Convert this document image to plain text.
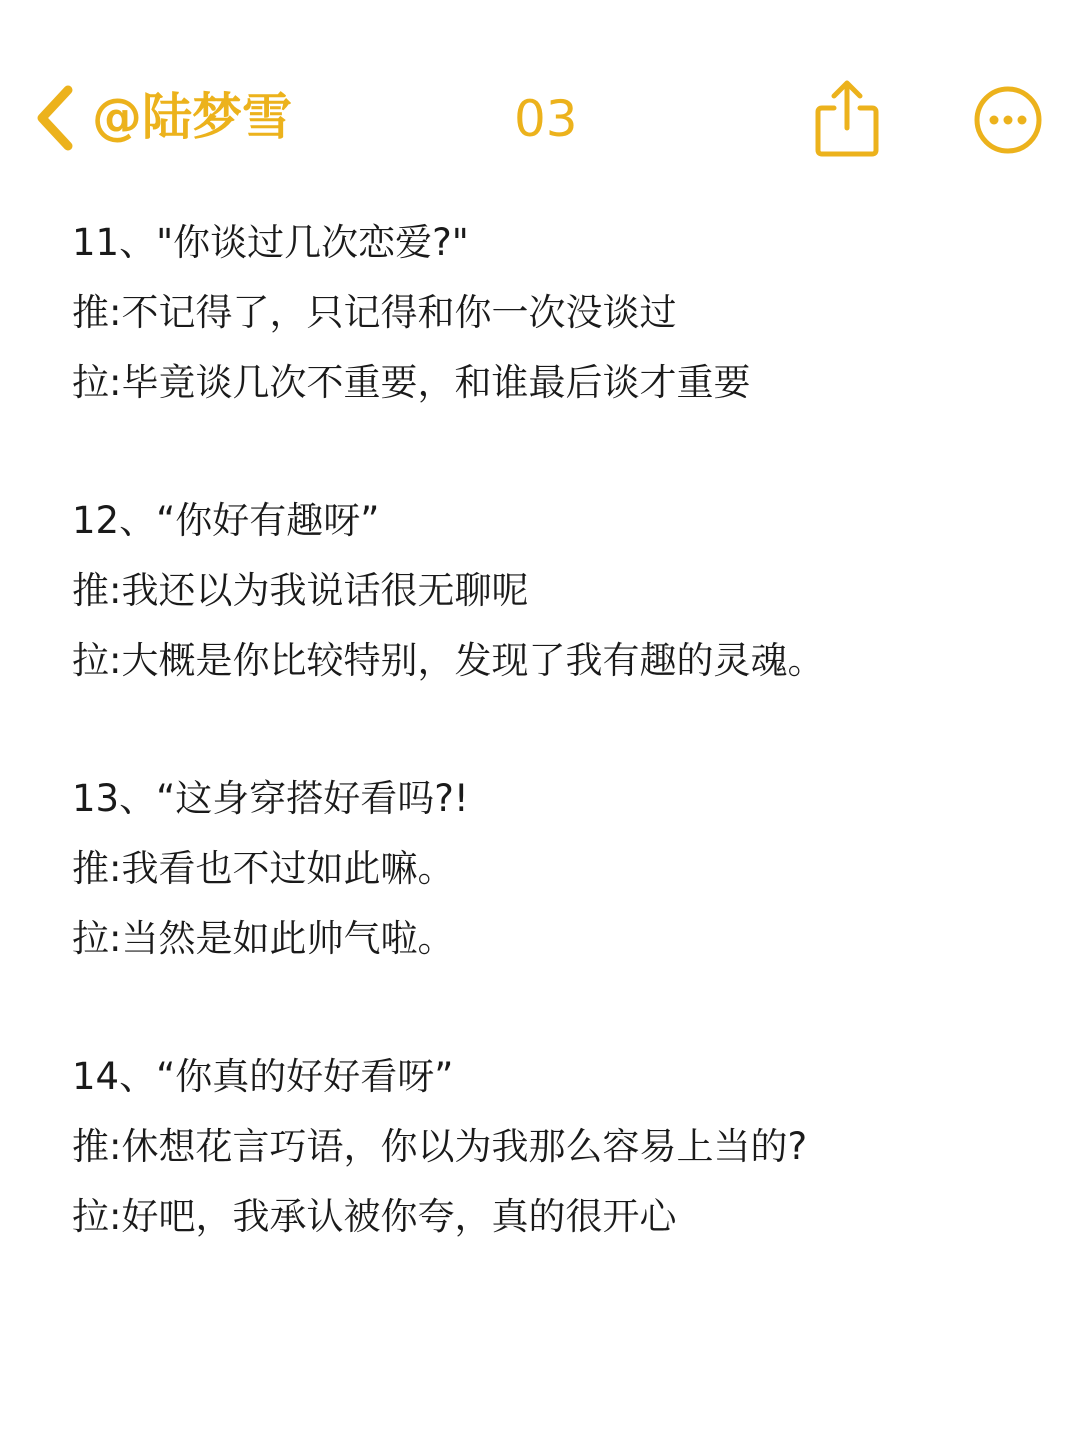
@陆梦雪	03
11、"你谈过几次恋爱?"
推:不记得了，只记得和你一次没谈过
拉:毕竟谈几次不重要，和谁最后谈才重要
12、“你好有趣呀”
推:我还以为我说话很无聊呢
拉:大概是你比较特别，发现了我有趣的灵魂。
13、“这身穿搭好看吗?!
推:我看也不过如此嘛。
拉:当然是如此帅气啦。
14、“你真的好好看呀”
推:休想花言巧语，你以为我那么容易上当的?
拉:好吧，我承认被你夸，真的很开心
